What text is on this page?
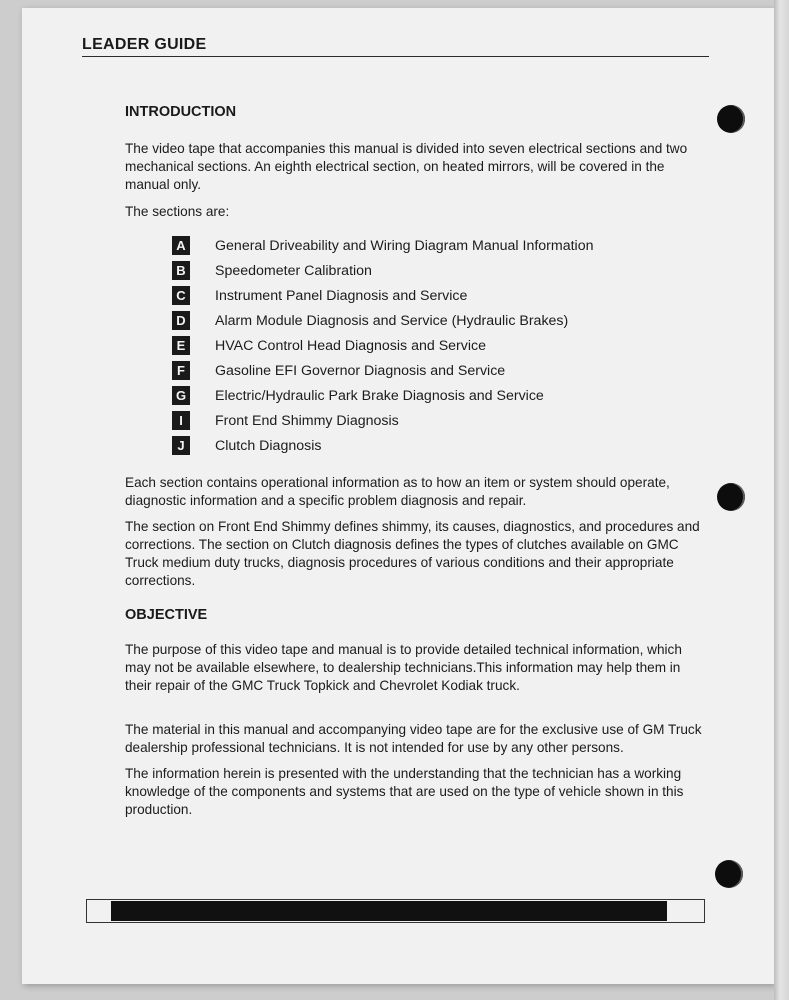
LEADER GUIDE
INTRODUCTION

The video tape that accompanies this manual is divided into seven electrical sections and two mechanical sections. An eighth electrical section, on heated mirrors, will be covered in the manual only.

The sections are:

A	General Driveability and Wiring Diagram Manual Information
B	Speedometer Calibration
C	Instrument Panel Diagnosis and Service
D	Alarm Module Diagnosis and Service (Hydraulic Brakes)
E	HVAC Control Head Diagnosis and Service
F	Gasoline EFI Governor Diagnosis and Service
G Electric/Hydraulic Park Brake Diagnosis and Service
I	Front End Shimmy Diagnosis
J	Clutch Diagnosis

Each section contains operational information as to how an item or system should operate, diagnostic information and a specific problem diagnosis and repair.

The section on Front End Shimmy defines shimmy, its causes, diagnostics, and procedures and corrections. The section on Clutch diagnosis defines the types of clutches available on GMC Truck medium duty trucks, diagnosis procedures of various conditions and their appropriate corrections.

OBJECTIVE

The purpose of this video tape and manual is to provide detailed technical information, which may not be available elsewhere, to dealership technicians.This information may help them in their repair of the GMC Truck Topkick and Chevrolet Kodiak truck.

The material in this manual and accompanying video tape are for the exclusive use of GM Truck dealership professional technicians. It is not intended for use by any other persons.

The information herein is presented with the understanding that the technician has a working knowledge of the components and systems that are used on the type of vehicle shown in this production.
